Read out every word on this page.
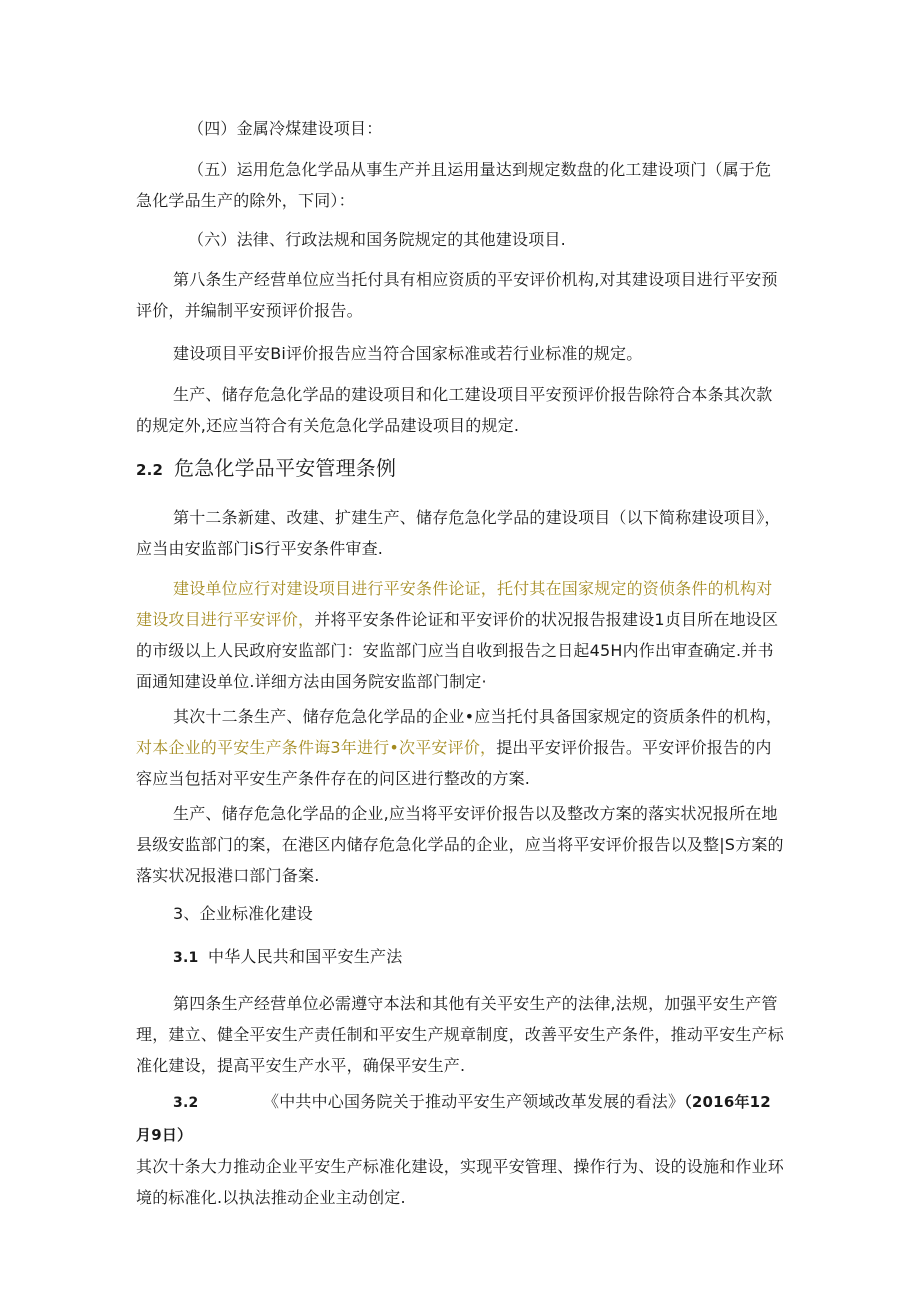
（四）金属冷煤建设项目：

（五）运用危急化学品从事生产并且运用量达到规定数盘的化工建设项门（属于危急化学品生产的除外，下同）：

（六）法律、行政法规和国务院规定的其他建设项目.

第八条生产经营单位应当托付具有相应资质的平安评价机构,对其建设项目进行平安预评价，并编制平安预评价报告。

建设项目平安Bi评价报告应当符合国家标准或若行业标准的规定。

生产、储存危急化学品的建设项目和化工建设项目平安预评价报告除符合本条其次款的规定外,还应当符合有关危急化学品建设项目的规定.

2.2 危急化学品平安管理条例

第十二条新建、改建、扩建生产、储存危急化学品的建设项目（以下简称建设项目》，应当由安监部门iS行平安条件审查.

建设单位应行对建设项目进行平安条件论证，托付其在国家规定的资侦条件的机构对建设攻目进行平安评价，并将平安条件论证和平安评价的状况报告报建设1贞目所在地设区的市级以上人民政府安监部门：安监部门应当自收到报告之日起45H内作出审查确定.并书面通知建设单位.详细方法由国务院安监部门制定·

其次十二条生产、储存危急化学品的企业•应当托付具备国家规定的资质条件的机构，对本企业的平安生产条件诲3年进行•次平安评价，提出平安评价报告。平安评价报告的内容应当包括对平安生产条件存在的问区进行整改的方案.

生产、储存危急化学品的企业,应当将平安评价报告以及整改方案的落实状况报所在地县级安监部门的案，在港区内储存危急化学品的企业，应当将平安评价报告以及整|S方案的落实状况报港口部门备案.

3、企业标准化建设

3.1 中华人民共和国平安生产法

第四条生产经营单位必需遵守本法和其他有关平安生产的法律,法规，加强平安生产管理，建立、健全平安生产责任制和平安生产规章制度，改善平安生产条件，推动平安生产标准化建设，提高平安生产水平，确保平安生产.

3.2	《中共中心国务院关于推动平安生产领域改革发展的看法》（2016年12月9日）
其次十条大力推动企业平安生产标准化建设，实现平安管理、操作行为、设的设施和作业环境的标准化.以执法推动企业主动创定.
